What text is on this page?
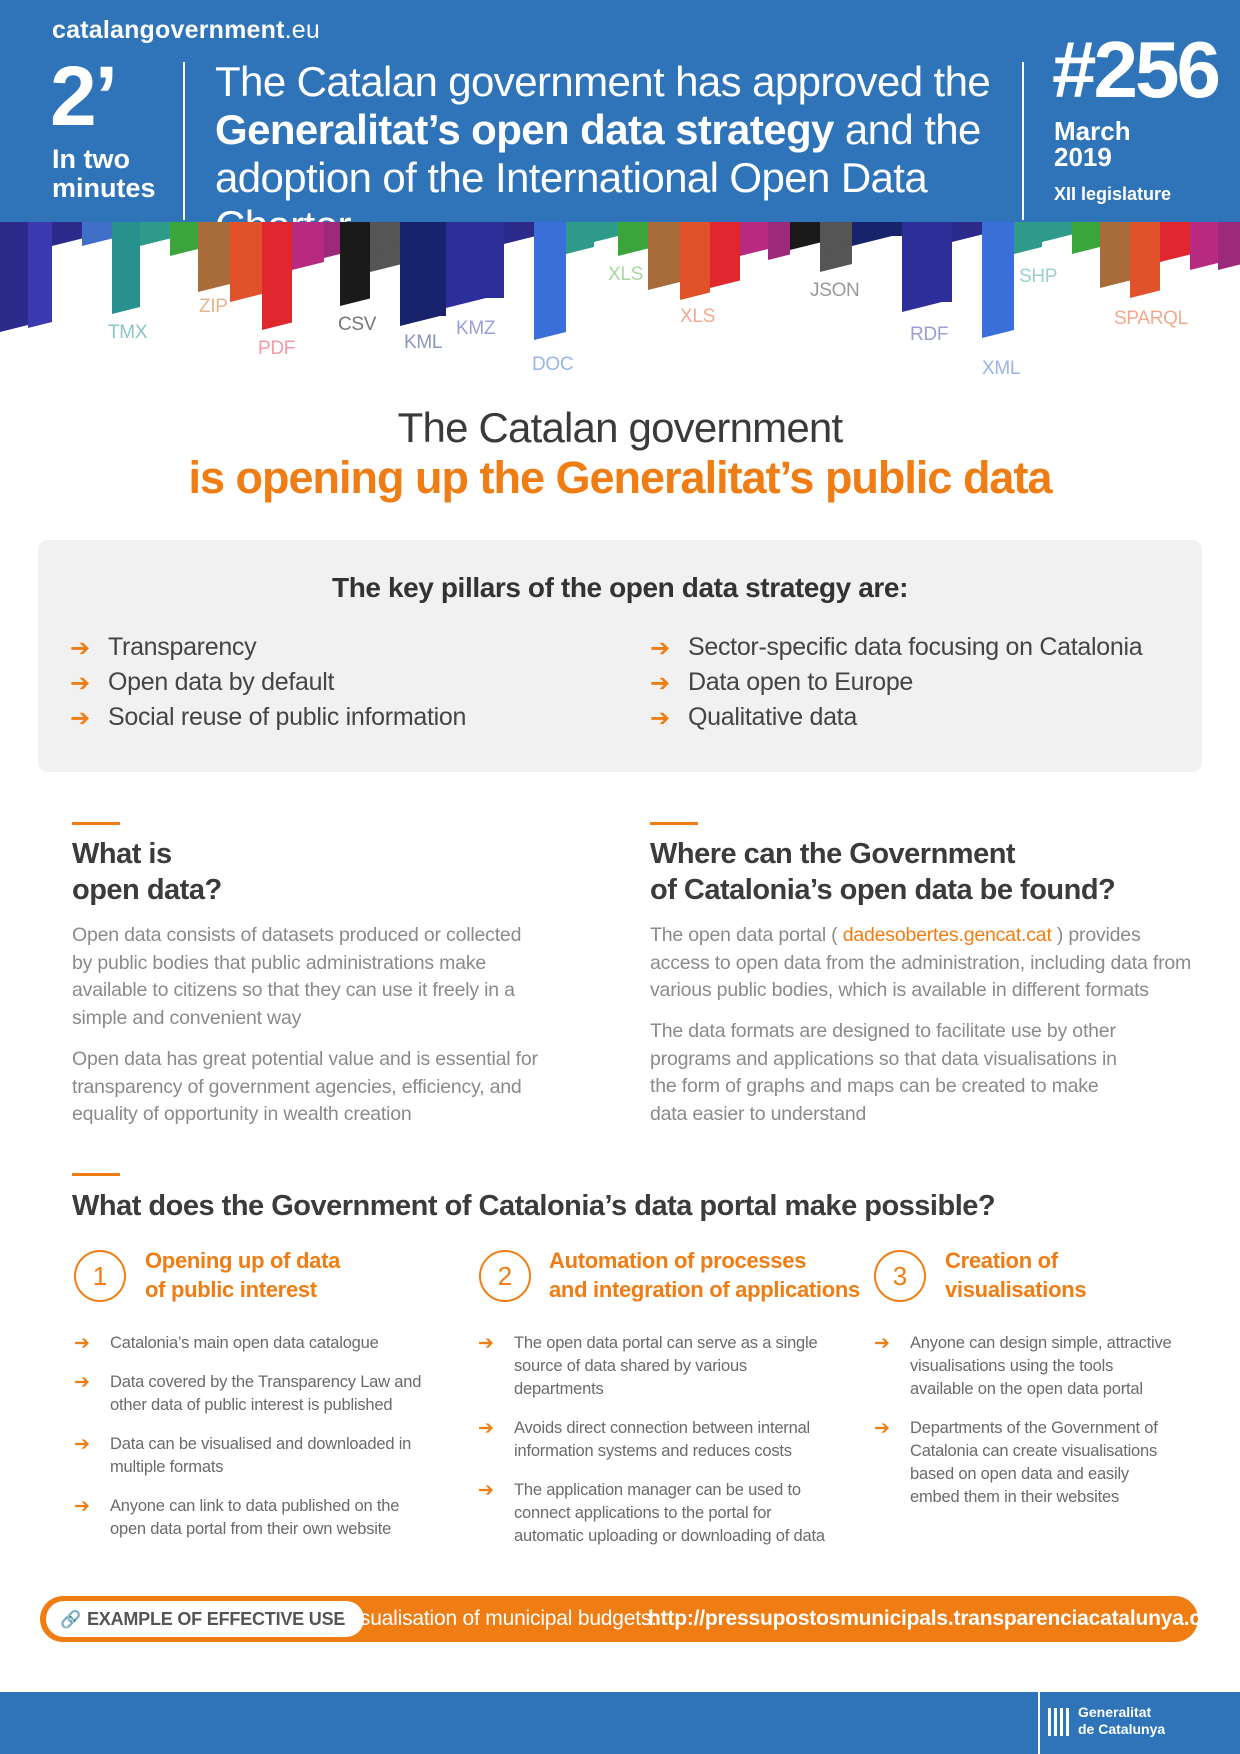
catalangovernment.eu
2’
In two
minutes
The Catalan government has approved the
Generalitat’s open data strategy and the
adoption of the International Open Data
#256
March
2019
XII legislature
TMX
ZIP
PDF
CSV
KML
KMZ
DOC
XLS
XLS
JSON
RDF
XML
SHP
SPARQL
The Catalan government
is opening up the Generalitat’s public data
The key pillars of the open data strategy are:
➔ Transparency
➔ Open data by default
➔ Social reuse of public information
➔ Sector-specific data focusing on Catalonia
➔ Data open to Europe
➔ Qualitative data
What is
open data?
Open data consists of datasets produced or collected by public bodies that public administrations make available to citizens so that they can use it freely in a simple and convenient way
Open data has great potential value and is essential for transparency of government agencies, efficiency, and equality of opportunity in wealth creation
Where can the Government
of Catalonia’s open data be found?
The open data portal ( dadesobertes.gencat.cat ) provides access to open data from the administration, including data from various public bodies, which is available in different formats
The data formats are designed to facilitate use by other programs and applications so that data visualisations in the form of graphs and maps can be created to make data easier to understand
What does the Government of Catalonia’s data portal make possible?
1
Opening up of data
of public interest
➔ Catalonia’s main open data catalogue
➔ Data covered by the Transparency Law and other data of public interest is published
➔ Data can be visualised and downloaded in multiple formats
➔ Anyone can link to data published on the open data portal from their own website
2
Automation of processes
and integration of applications
➔ The open data portal can serve as a single source of data shared by various departments
➔ Avoids direct connection between internal information systems and reduces costs
➔ The application manager can be used to connect applications to the portal for automatic uploading or downloading of data
3
Creation of
visualisations
➔ Anyone can design simple, attractive visualisations using the tools available on the open data portal
➔ Departments of the Government of Catalonia can create visualisations based on open data and easily embed them in their websites
🔗 EXAMPLE OF EFFECTIVE USE
Visualisation of municipal budgets:
http://pressupostosmunicipals.transparenciacatalunya.cat
Generalitat
de Catalunya
